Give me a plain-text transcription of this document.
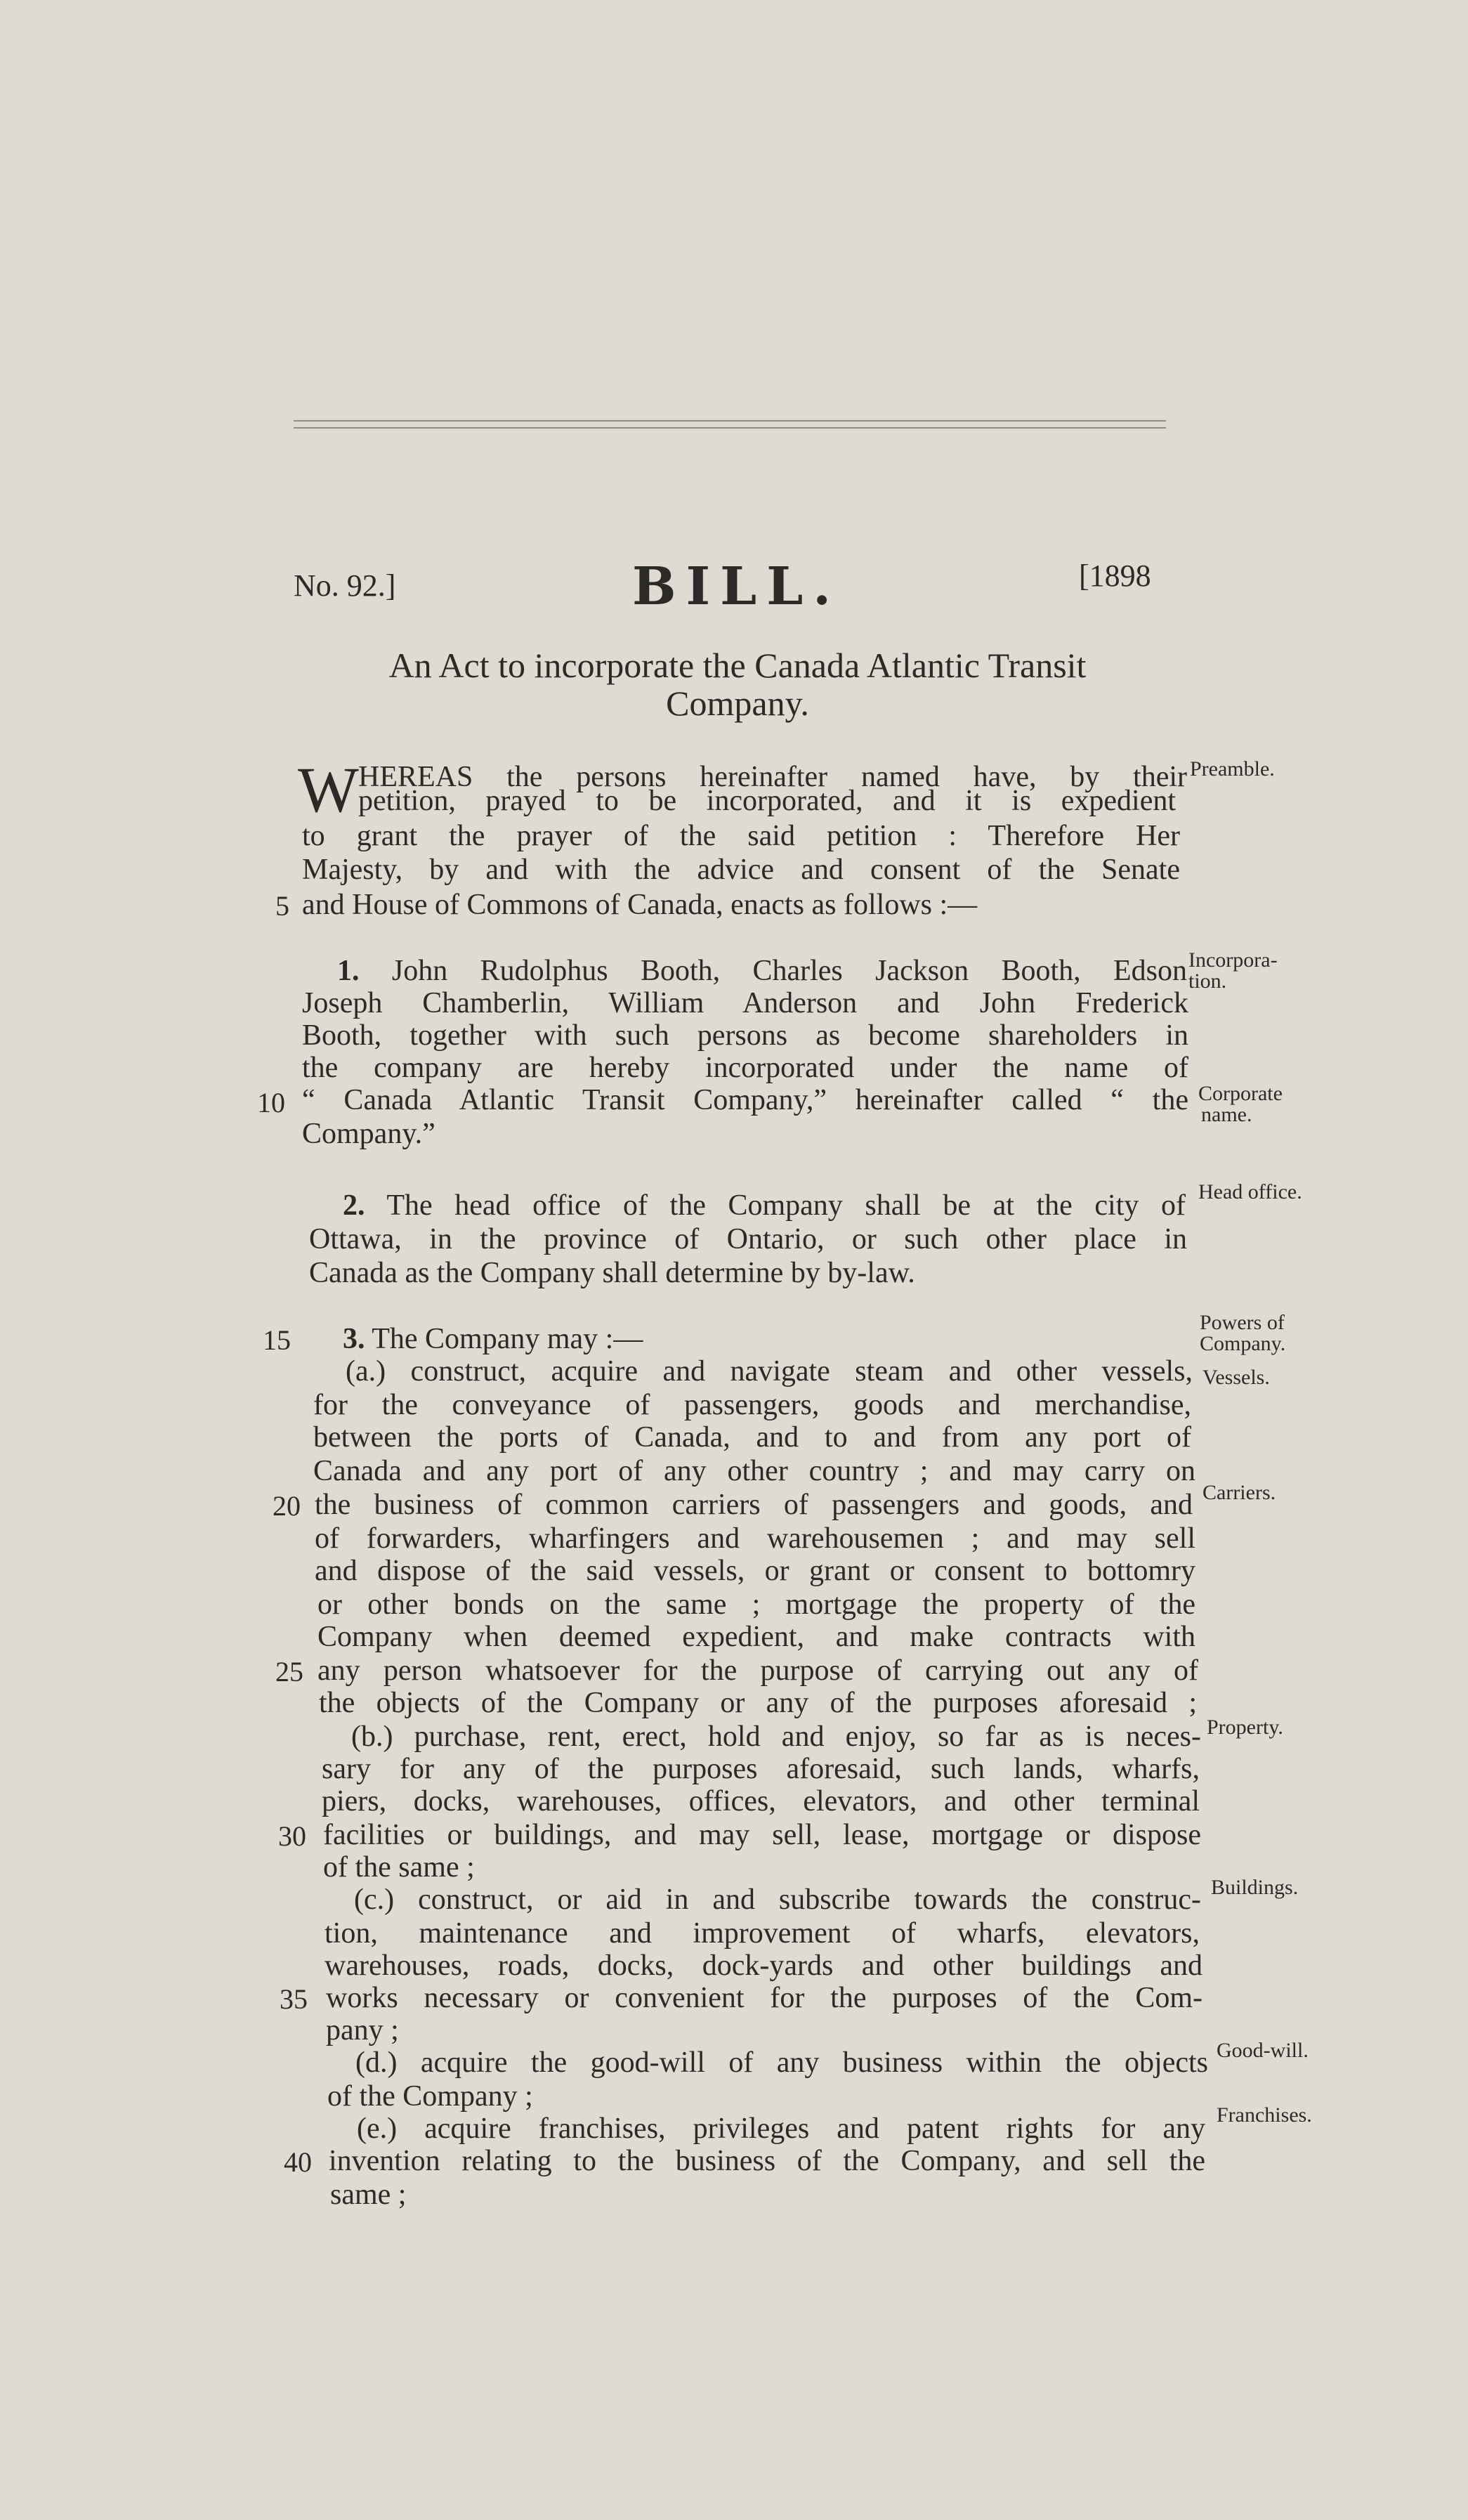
No. 92.]	BILL.	[1898
An Act to incorporate the Canada Atlantic Transit
Company.
W HEREAS the persons hereinafter named have, by their
petition, prayed to be incorporated, and it is expedient
to grant the prayer of the said petition : Therefore Her
Majesty, by and with the advice and consent of the Senate
and House of Commons of Canada, enacts as follows :—
1. John Rudolphus Booth, Charles Jackson Booth, Edson
Joseph Chamberlin, William Anderson and John Frederick
Booth, together with such persons as become shareholders in
the company are hereby incorporated under the name of
“ Canada Atlantic Transit Company,” hereinafter called “ the
Company.”
2. The head office of the Company shall be at the city of
Ottawa, in the province of Ontario, or such other place in
Canada as the Company shall determine by by-law.
3. The Company may :—
(a.) construct, acquire and navigate steam and other vessels,
for the conveyance of passengers, goods and merchandise,
between the ports of Canada, and to and from any port of
Canada and any port of any other country ; and may carry on
the business of common carriers of passengers and goods, and
of forwarders, wharfingers and warehousemen ; and may sell
and dispose of the said vessels, or grant or consent to bottomry
or other bonds on the same ; mortgage the property of the
Company when deemed expedient, and make contracts with
any person whatsoever for the purpose of carrying out any of
the objects of the Company or any of the purposes aforesaid ;
(b.) purchase, rent, erect, hold and enjoy, so far as is neces-
sary for any of the purposes aforesaid, such lands, wharfs,
piers, docks, warehouses, offices, elevators, and other terminal
facilities or buildings, and may sell, lease, mortgage or dispose
of the same ;
(c.) construct, or aid in and subscribe towards the construc-
tion, maintenance and improvement of wharfs, elevators,
warehouses, roads, docks, dock-yards and other buildings and
works necessary or convenient for the purposes of the Com-
pany ;
(d.) acquire the good-will of any business within the objects
of the Company ;
(e.) acquire franchises, privileges and patent rights for any
invention relating to the business of the Company, and sell the
same ;
5
10
15
20
25
30
35
40
Preamble.
Incorpora-
tion.
Corporate
name.
Head office.
Powers of
Company.
Vessels.
Carriers.
Property.
Buildings.
Good-will.
Franchises.
